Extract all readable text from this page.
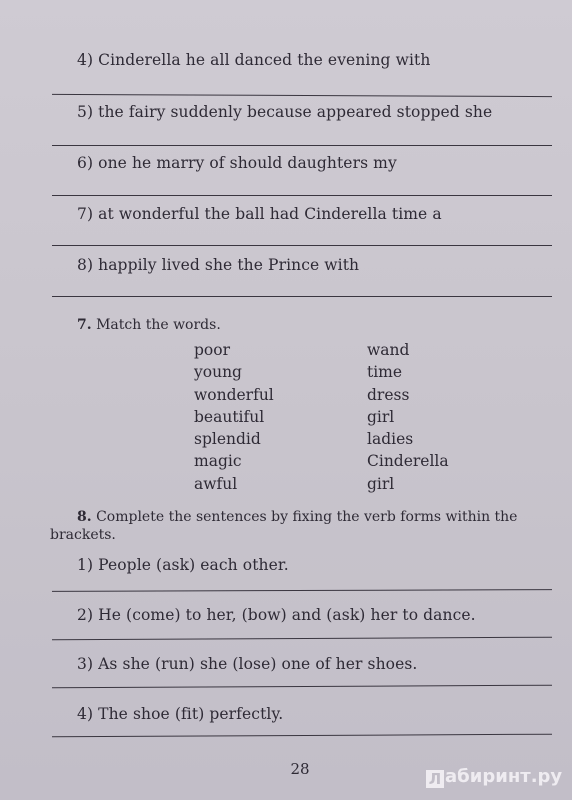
4) Cinderella he all danced the evening with
5) the fairy suddenly because appeared stopped she
6) one he marry of should daughters my
7) at wonderful the ball had Cinderella time a
8) happily lived she the Prince with
7. Match the words.
poor
young
wonderful
beautiful
splendid
magic
awful
wand
time
dress
girl
ladies
Cinderella
girl
8. Complete the sentences by fixing the verb forms within the brackets.
1) People (ask) each other.
2) He (come) to her, (bow) and (ask) her to dance.
3) As she (run) she (lose) one of her shoes.
4) The shoe (fit) perfectly.
28
Л абиринт.ру
